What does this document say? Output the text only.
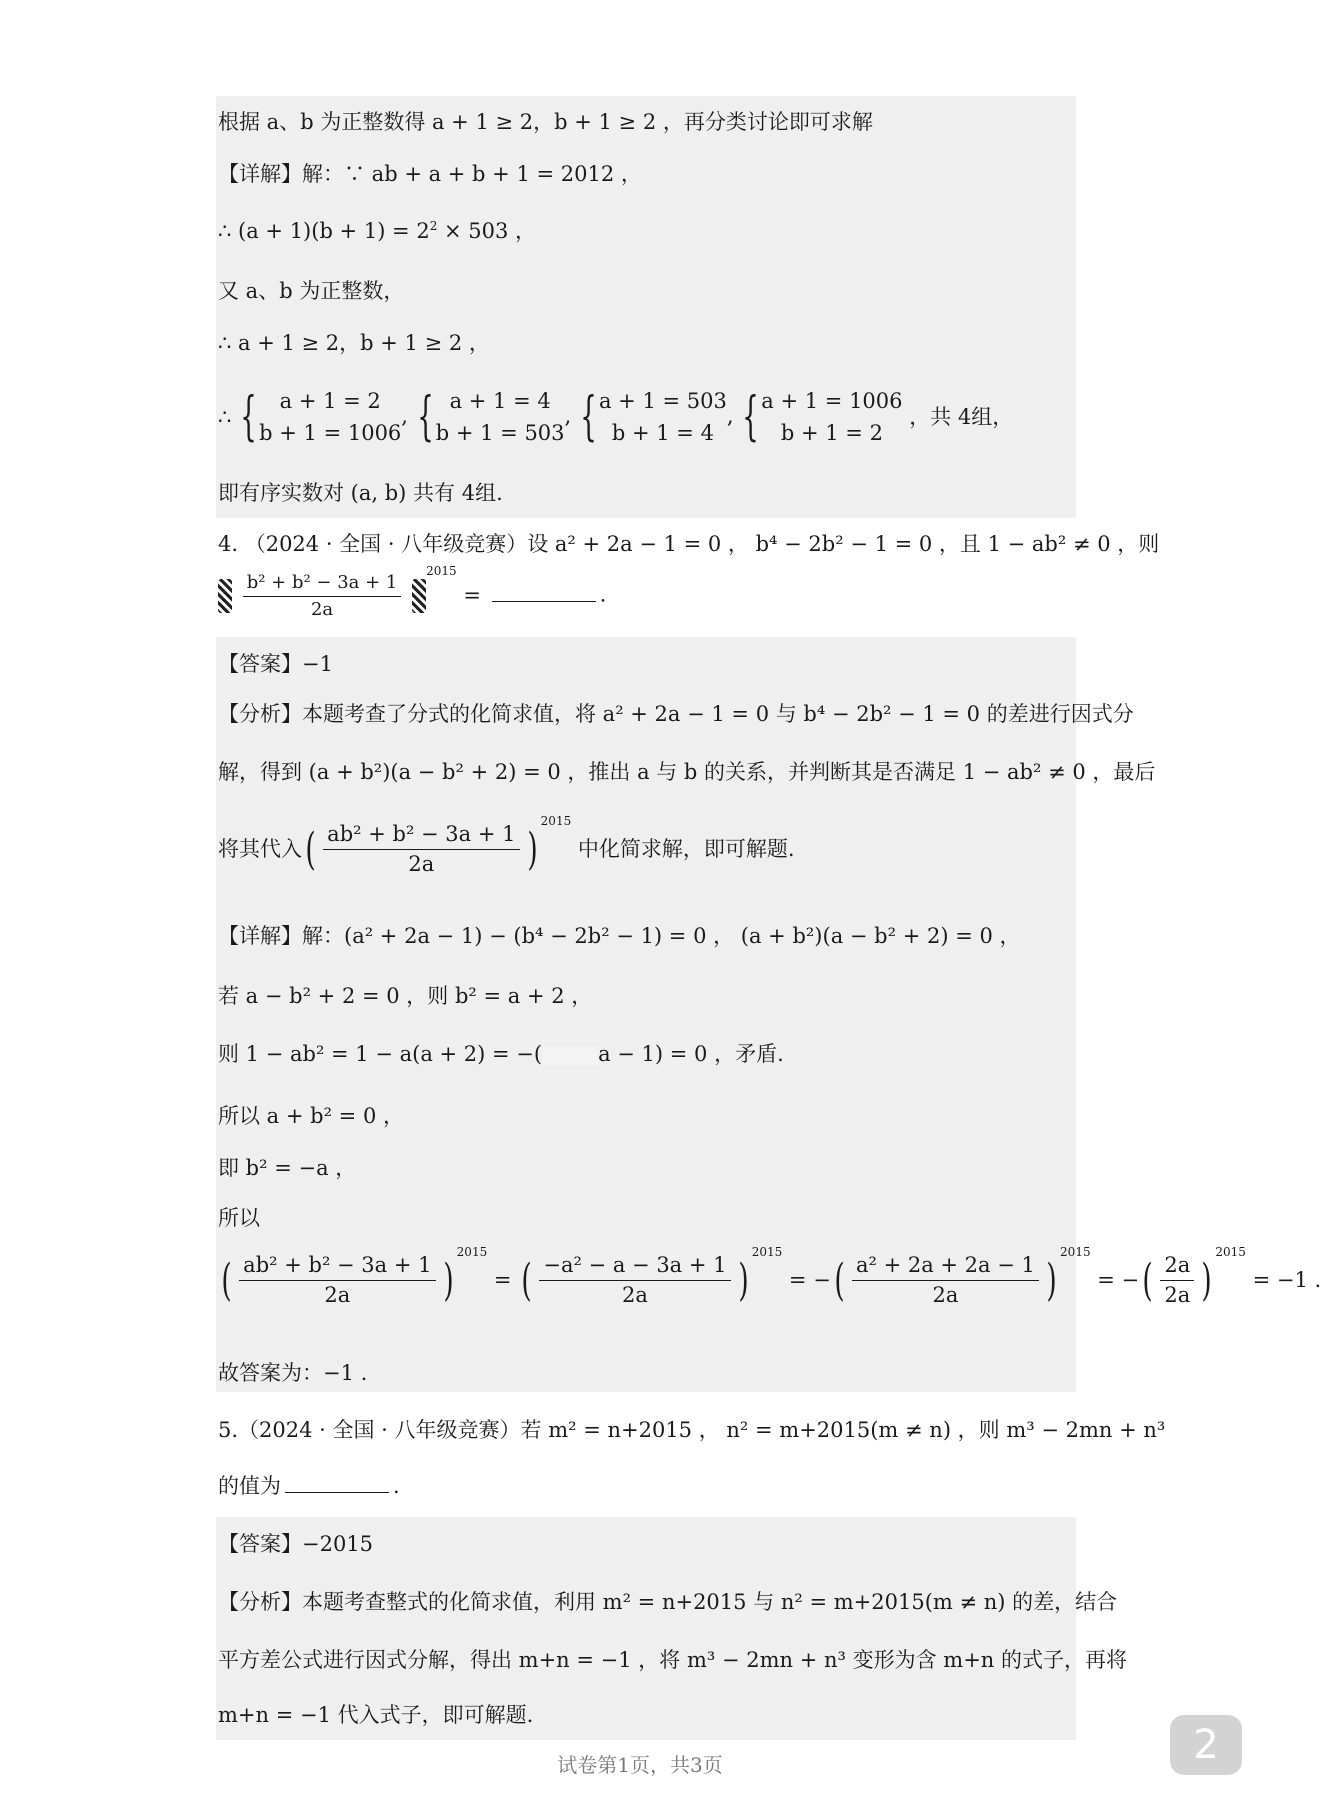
根据 a、b 为正整数得 a + 1 ≥ 2，b + 1 ≥ 2 ，再分类讨论即可求解
【详解】解：∵ ab + a + b + 1 = 2012 ，
∴ $(a + 1)(b + 1) = 2^2 \times 503$ ，
又 a、b 为正整数，
∴ a + 1 ≥ 2，b + 1 ≥ 2 ，
∴ { a + 1 = 2
b + 1 = 1006, { a + 1 = 4
b + 1 = 503, { a + 1 = 503
b + 1 = 4, { a + 1 = 1006
b + 1 = 2 ，共 4组，
即有序实数对 (a, b) 共有 4组.
4. （2024 · 全国 · 八年级竞赛）设 a² + 2a − 1 = 0 ， b⁴ − 2b² − 1 = 0 ，且 1 − ab² ≠ 0 ，则

$\frac{\text{b² + b² − 3a + 1}}{2a}$
$^{2015}$ =	.
【答案】−1
【分析】本题考查了分式的化简求值，将 a² + 2a − 1 = 0 与 b⁴ − 2b² − 1 = 0 的差进行因式分
解，得到 (a + b²)(a − b² + 2) = 0 ，推出 a 与 b 的关系，并判断其是否满足 1 − ab² ≠ 0 ，最后
将其代入( $\frac{\text{ab² + b² − 3a + 1}}{2a} )^{2015}$ 中化简求解，即可解题.
【详解】解：(a² + 2a − 1) − (b⁴ − 2b² − 1) = 0 ， (a + b²)(a − b² + 2) = 0 ，
若 a − b² + 2 = 0 ，则 b² = a + 2 ，
则 1 − ab² = 1 − a(a + 2) = −(	a − 1) = 0 ，矛盾.
所以 a + b² = 0 ，
即 b² = −a ，
所以
( $\frac{\text{ab² + b² − 3a + 1}}{2a} )^{2015}$ = ( $\frac{\text{−a² − a − 3a + 1}}{2a} )^{2015}$ = −( $\frac{\text{a² + 2a + 2a − 1}}{2a} )^{2015}$ = −( $\frac{2a}{2a} )^{2015} = -1$ .
故答案为：−1 .
5.（2024 · 全国 · 八年级竞赛）若 m² = n+2015 ， n² = m+2015(m ≠ n) ，则 m³ − 2mn + n³
的值为	.
【答案】−2015
【分析】本题考查整式的化简求值，利用 m² = n+2015 与 n² = m+2015(m ≠ n) 的差，结合
平方差公式进行因式分解，得出 m+n = −1 ，将 m³ − 2mn + n³ 变形为含 m+n 的式子，再将
m+n = −1 代入式子，即可解题.
试卷第1页，共3页	2
